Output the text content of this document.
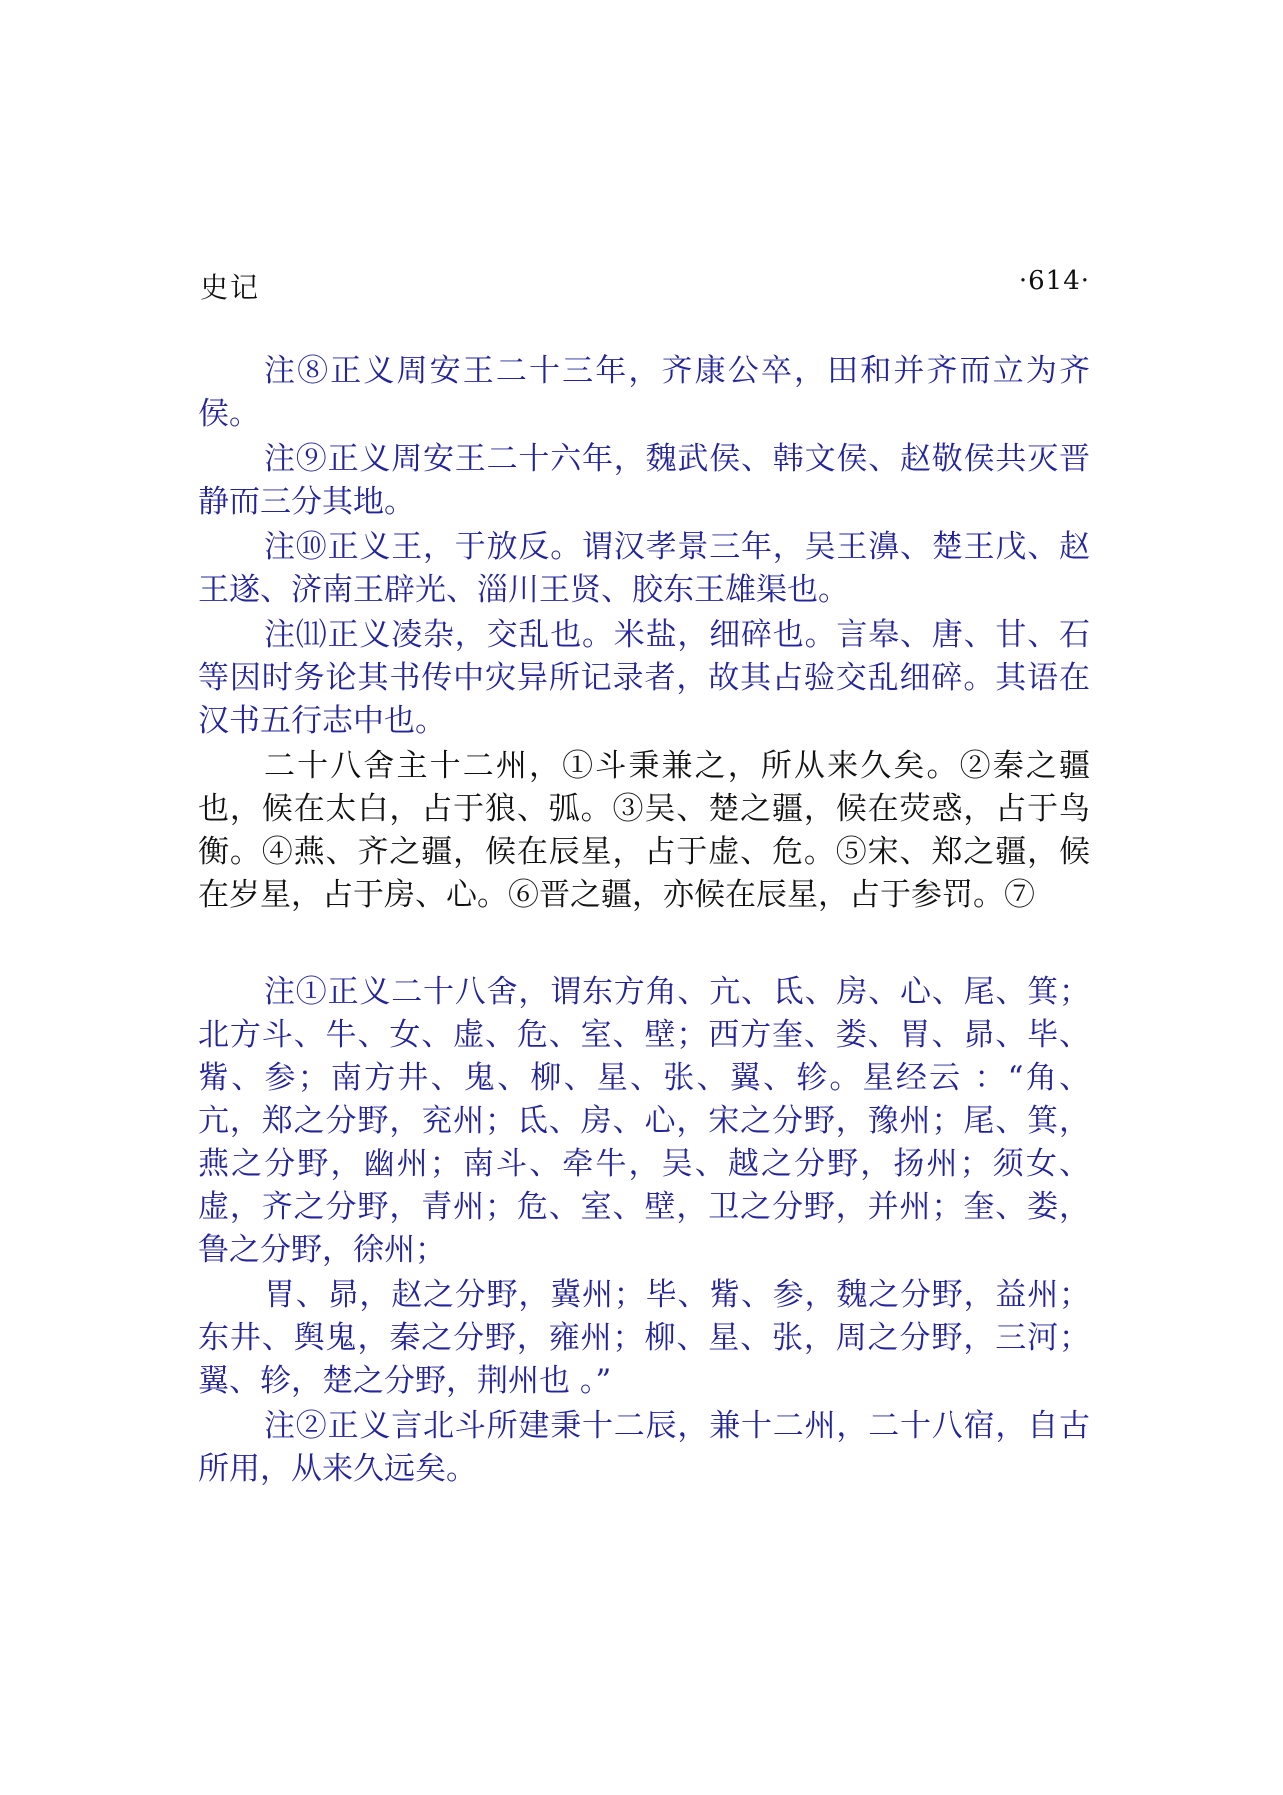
史记	·614·

注⑧正义周安王二十三年，齐康公卒，田和并齐而立为齐侯。

注⑨正义周安王二十六年，魏武侯、韩文侯、赵敬侯共灭晋静而三分其地。

注⑩正义王，于放反。谓汉孝景三年，吴王濞、楚王戊、赵王遂、济南王辟光、淄川王贤、胶东王雄渠也。

注⑾正义凌杂，交乱也。米盐，细碎也。言皋、唐、甘、石等因时务论其书传中灾异所记录者，故其占验交乱细碎。其语在汉书五行志中也。

二十八舍主十二州，①斗秉兼之，所从来久矣。②秦之疆也，候在太白，占于狼、弧。③吴、楚之疆，候在荧惑，占于鸟衡。④燕、齐之疆，候在辰星，占于虚、危。⑤宋、郑之疆，候在岁星，占于房、心。⑥晋之疆，亦候在辰星，占于参罚。⑦

注①正义二十八舍，谓东方角、亢、氐、房、心、尾、箕；北方斗、牛、女、虚、危、室、壁；西方奎、娄、胃、昴、毕、觜、参；南方井、鬼、柳、星、张、翼、轸。星经云 ：“角、亢，郑之分野，兖州；氐、房、心，宋之分野，豫州；尾、箕，燕之分野，幽州；南斗、牵牛，吴、越之分野，扬州；须女、虚，齐之分野，青州；危、室、壁，卫之分野，并州；奎、娄，鲁之分野，徐州；

胃、昴，赵之分野，冀州；毕、觜、参，魏之分野，益州；东井、舆鬼，秦之分野，雍州；柳、星、张，周之分野，三河；翼、轸，楚之分野，荆州也 。”

注②正义言北斗所建秉十二辰，兼十二州，二十八宿，自古所用，从来久远矣。
